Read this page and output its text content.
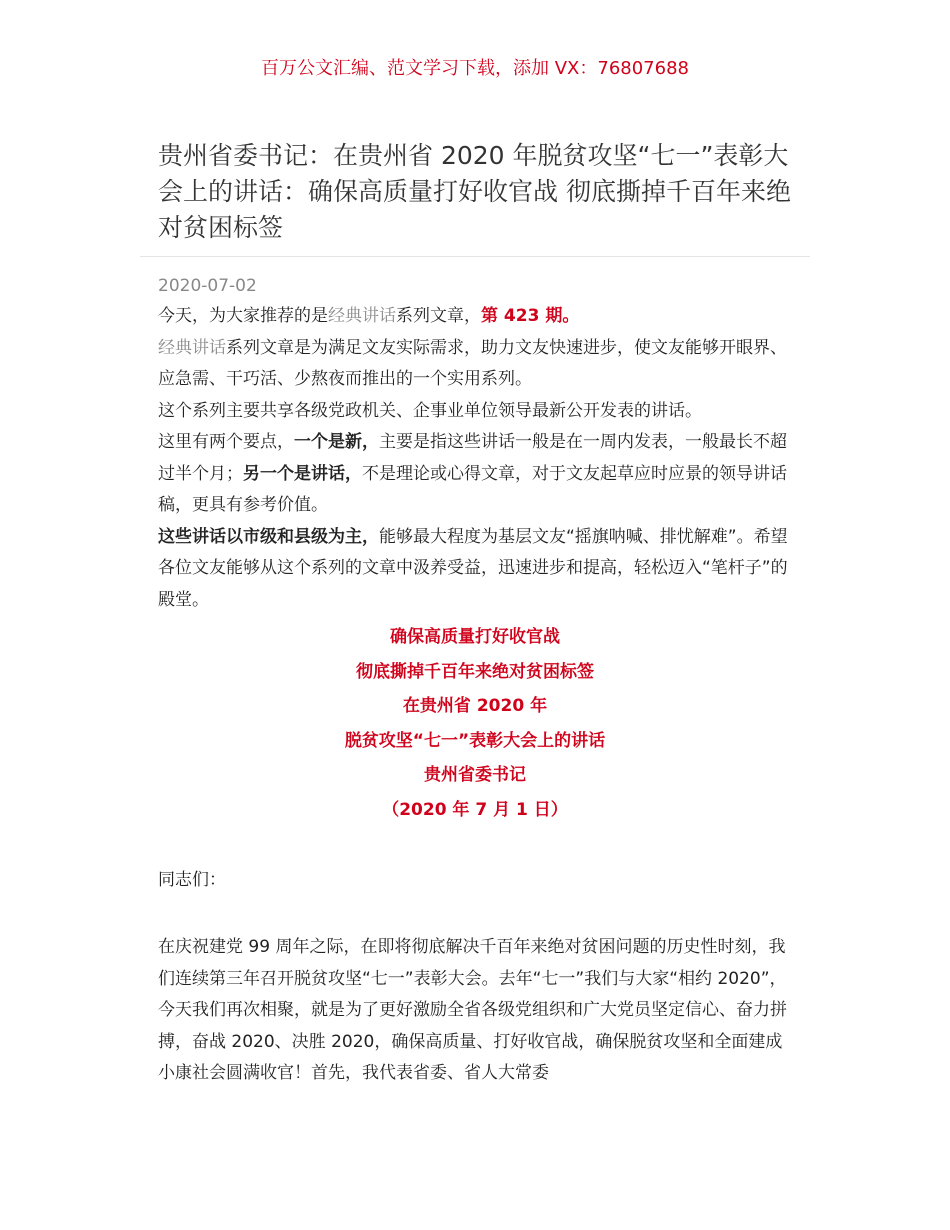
百万公文汇编、范文学习下载，添加 VX：76807688
贵州省委书记：在贵州省 2020 年脱贫攻坚“七一”表彰大会上的讲话：确保高质量打好收官战 彻底撕掉千百年来绝对贫困标签
2020-07-02

今天，为大家推荐的是经典讲话系列文章，第 423 期。

经典讲话系列文章是为满足文友实际需求，助力文友快速进步，使文友能够开眼界、应急需、干巧活、少熬夜而推出的一个实用系列。

这个系列主要共享各级党政机关、企事业单位领导最新公开发表的讲话。

这里有两个要点，一个是新，主要是指这些讲话一般是在一周内发表，一般最长不超过半个月；另一个是讲话，不是理论或心得文章，对于文友起草应时应景的领导讲话稿，更具有参考价值。

这些讲话以市级和县级为主，能够最大程度为基层文友“摇旗呐喊、排忧解难”。希望各位文友能够从这个系列的文章中汲养受益，迅速进步和提高，轻松迈入“笔杆子”的殿堂。

确保高质量打好收官战
彻底撕掉千百年来绝对贫困标签
在贵州省 2020 年
脱贫攻坚“七一”表彰大会上的讲话
贵州省委书记
（2020 年 7 月 1 日）
同志们：

在庆祝建党 99 周年之际，在即将彻底解决千百年来绝对贫困问题的历史性时刻，我们连续第三年召开脱贫攻坚“七一”表彰大会。去年“七一”我们与大家“相约 2020”，今天我们再次相聚，就是为了更好激励全省各级党组织和广大党员坚定信心、奋力拼搏，奋战 2020、决胜 2020，确保高质量、打好收官战，确保脱贫攻坚和全面建成小康社会圆满收官！首先，我代表省委、省人大常委
